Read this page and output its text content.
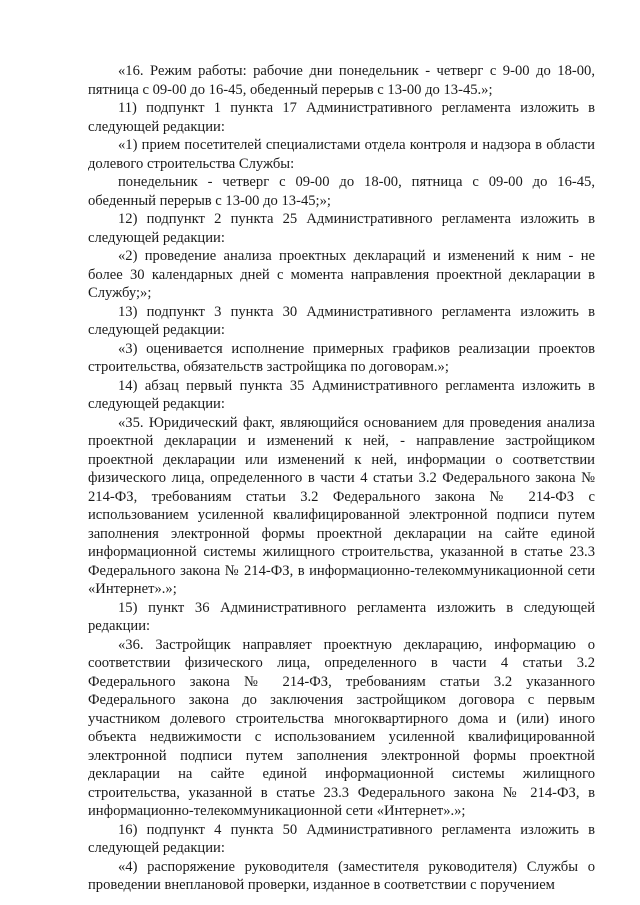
«16. Режим работы: рабочие дни понедельник - четверг с 9-00 до 18-00, пятница с 09-00 до 16-45, обеденный перерыв с 13-00 до 13-45.»;

11) подпункт 1 пункта 17 Административного регламента изложить в следующей редакции:

«1) прием посетителей специалистами отдела контроля и надзора в области долевого строительства Службы:

понедельник - четверг с 09-00 до 18-00, пятница с 09-00 до 16-45, обеденный перерыв с 13-00 до 13-45;»;

12) подпункт 2 пункта 25 Административного регламента изложить в следующей редакции:

«2) проведение анализа проектных деклараций и изменений к ним - не более 30 календарных дней с момента направления проектной декларации в Службу;»;

13) подпункт 3 пункта 30 Административного регламента изложить в следующей редакции:

«3) оценивается исполнение примерных графиков реализации проектов строительства, обязательств застройщика по договорам.»;

14) абзац первый пункта 35 Административного регламента изложить в следующей редакции:

«35. Юридический факт, являющийся основанием для проведения анализа проектной декларации и изменений к ней, - направление застройщиком проектной декларации или изменений к ней, информации о соответствии физического лица, определенного в части 4 статьи 3.2 Федерального закона № 214-ФЗ, требованиям статьи 3.2 Федерального закона № 214-ФЗ с использованием усиленной квалифицированной электронной подписи путем заполнения электронной формы проектной декларации на сайте единой информационной системы жилищного строительства, указанной в статье 23.3 Федерального закона № 214-ФЗ, в информационно-телекоммуникационной сети «Интернет».»;

15) пункт 36 Административного регламента изложить в следующей редакции:

«36. Застройщик направляет проектную декларацию, информацию о соответствии физического лица, определенного в части 4 статьи 3.2 Федерального закона № 214-ФЗ, требованиям статьи 3.2 указанного Федерального закона до заключения застройщиком договора с первым участником долевого строительства многоквартирного дома и (или) иного объекта недвижимости с использованием усиленной квалифицированной электронной подписи путем заполнения электронной формы проектной декларации на сайте единой информационной системы жилищного строительства, указанной в статье 23.3 Федерального закона № 214-ФЗ, в информационно-телекоммуникационной сети «Интернет».»;

16) подпункт 4 пункта 50 Административного регламента изложить в следующей редакции:

«4) распоряжение руководителя (заместителя руководителя) Службы о проведении внеплановой проверки, изданное в соответствии с поручением
